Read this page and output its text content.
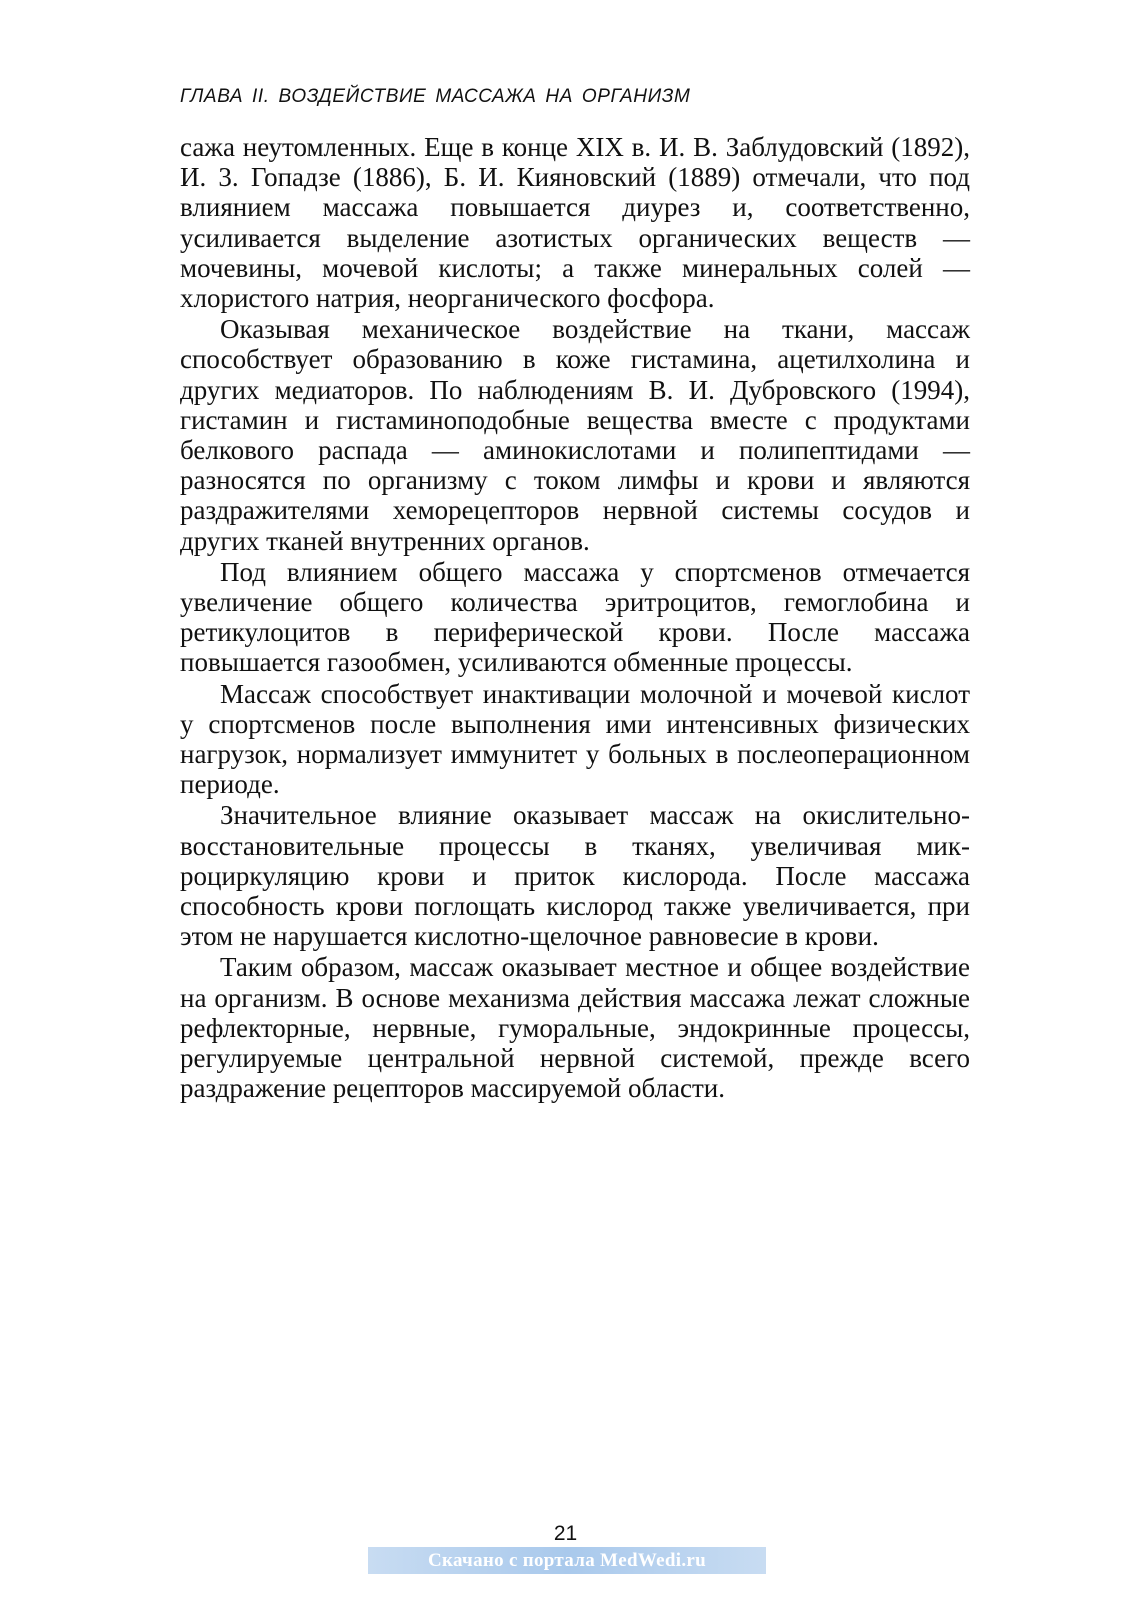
ГЛАВА II. ВОЗДЕЙСТВИЕ МАССАЖА НА ОРГАНИЗМ

сажа неутомленных. Еще в конце XIX в. И. В. Заблудовский (1892), И. 3. Гопадзе (1886), Б. И. Кияновский (1889) отмечали, что под влиянием массажа повышается диурез и, соответственно, усиливается выделение азотистых органических веществ — мочевины, мочевой кислоты; а также минеральных солей — хлористого натрия, неорганического фосфора.

Оказывая механическое воздействие на ткани, массаж способствует образованию в коже гистамина, ацетилхолина и других медиаторов. По наблюдениям В. И. Дубровского (1994), гистамин и гистаминоподобные вещества вместе с продуктами белкового распада — аминокислотами и полипептидами — разносятся по организму с током лимфы и крови и являются раздражителями хеморецепторов нервной системы сосудов и других тканей внутренних органов.

Под влиянием общего массажа у спортсменов отмечается увеличение общего количества эритроцитов, гемоглобина и ретикулоцитов в периферической крови. После массажа повышается газообмен, усиливаются обменные процессы.

Массаж способствует инактивации молочной и мочевой кислот у спортсменов после выполнения ими интенсивных физических нагрузок, нормализует иммунитет у больных в послеоперационном периоде.

Значительное влияние оказывает массаж на окислительно-восстановительные процессы в тканях, увеличивая микроциркуляцию крови и приток кислорода. После массажа способность крови поглощать кислород также увеличивается, при этом не нарушается кислотно-щелочное равновесие в крови.

Таким образом, массаж оказывает местное и общее воздействие на организм. В основе механизма действия массажа лежат сложные рефлекторные, нервные, гуморальные, эндокринные процессы, регулируемые центральной нервной системой, прежде всего раздражение рецепторов массируемой области.

21
Скачано с портала MedWedi.ru
